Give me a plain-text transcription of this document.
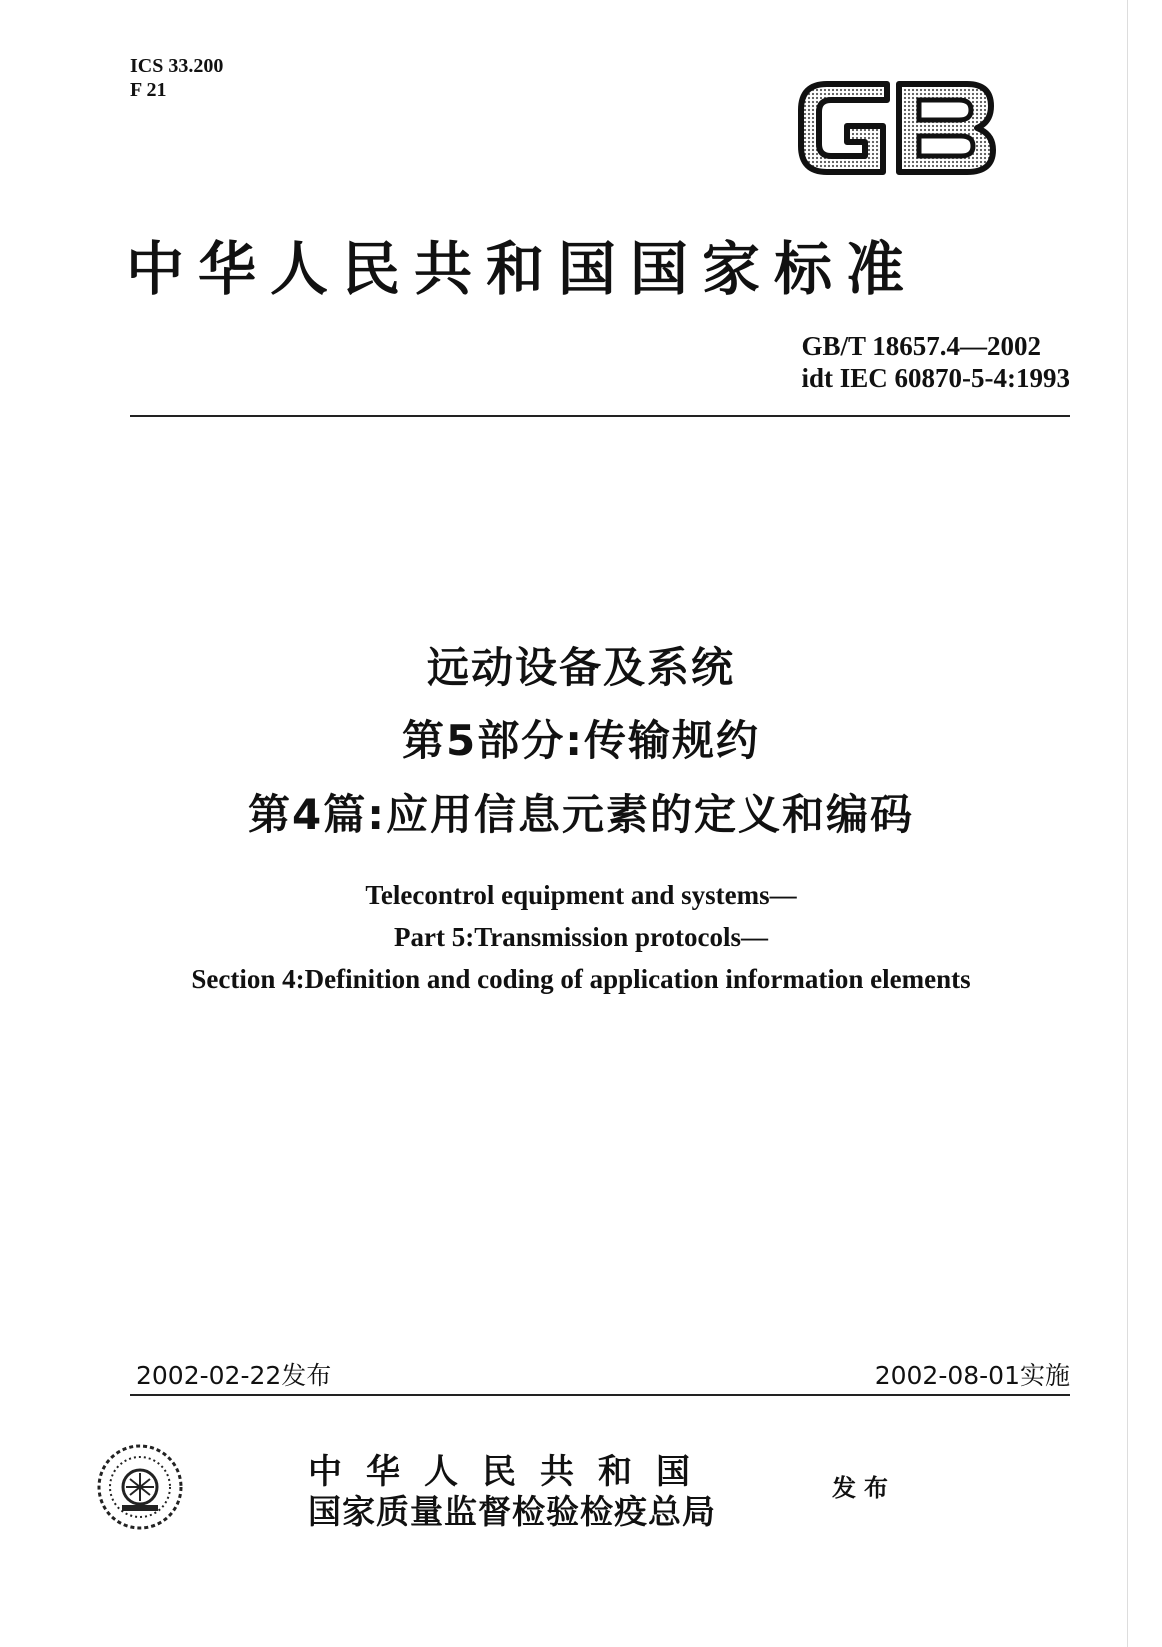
ICS 33.200
F 21
中华人民共和国国家标准
GB/T 18657.4—2002
idt IEC 60870-5-4:1993
远动设备及系统
第5部分:传输规约
第4篇:应用信息元素的定义和编码
Telecontrol equipment and systems—
Part 5:Transmission protocols—
Section 4:Definition and coding of application information elements
2002-02-22发布	2002-08-01实施
中华人民共和国
国家质量监督检验检疫总局
发布
